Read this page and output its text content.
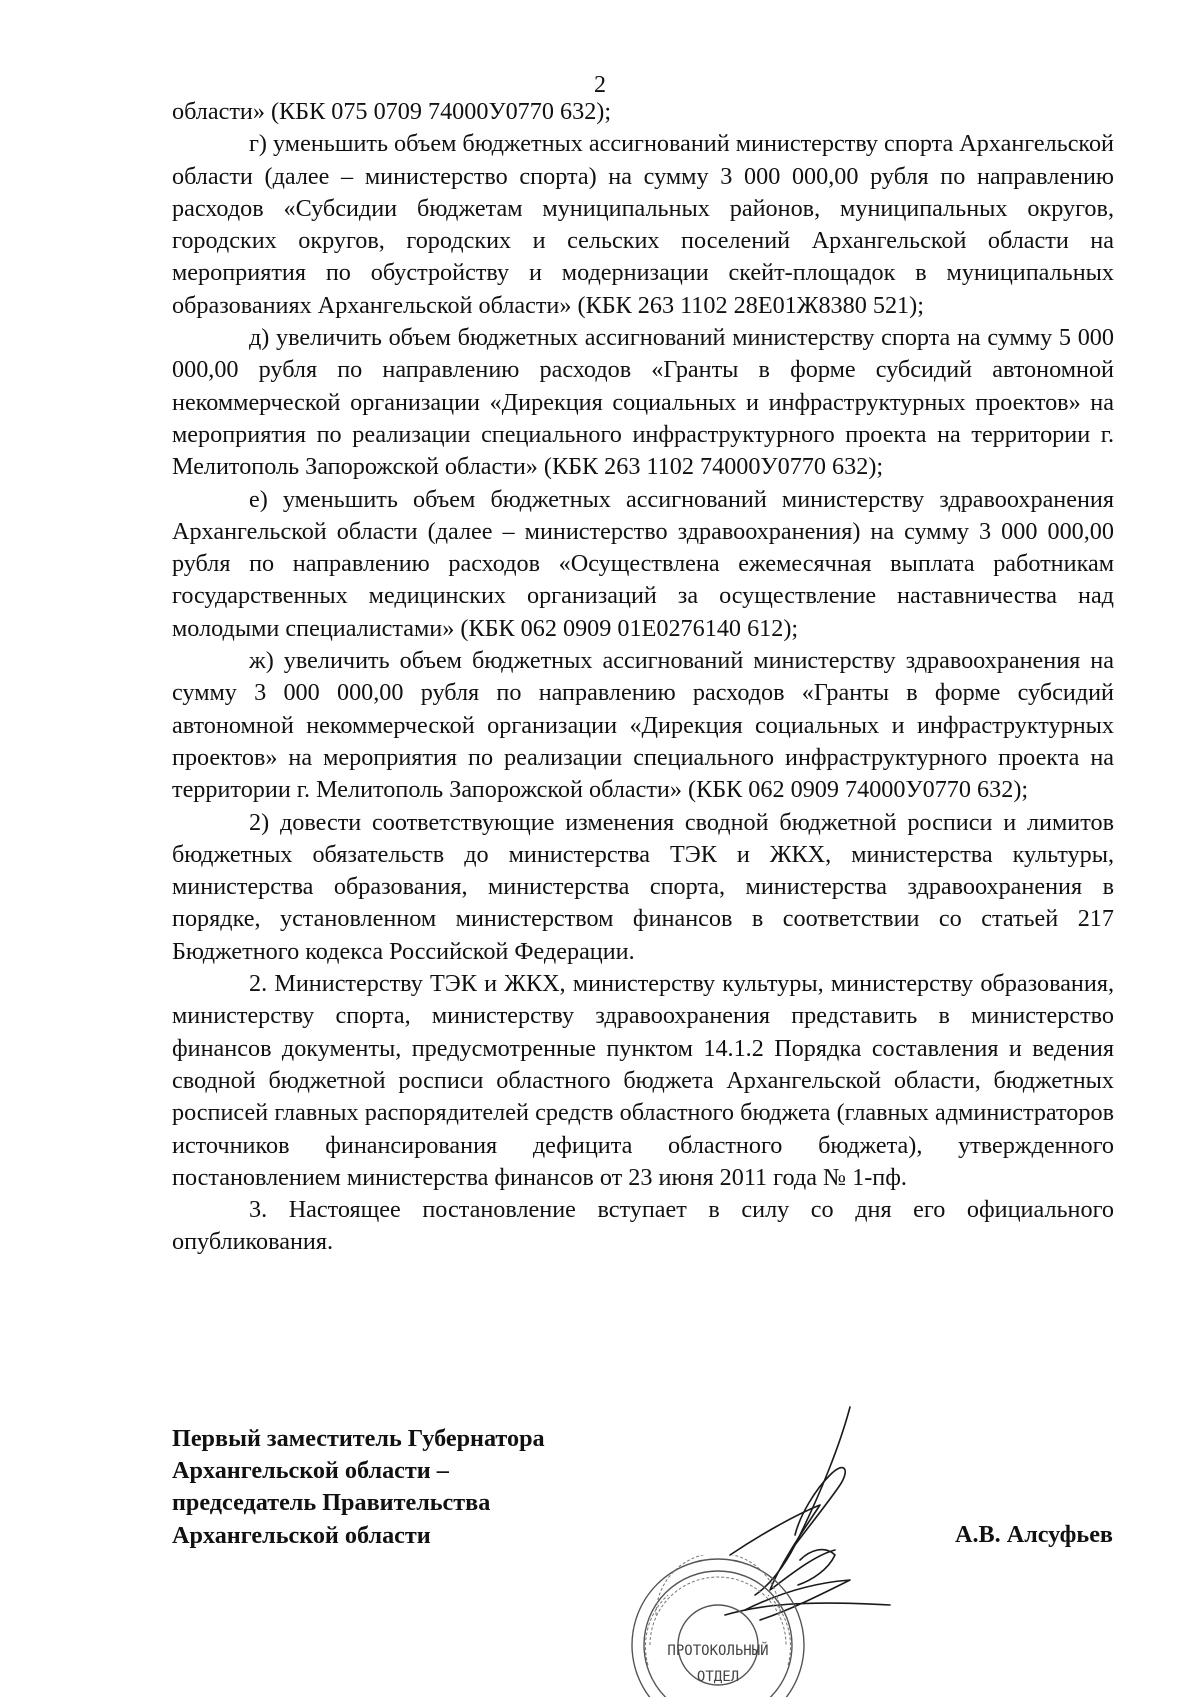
2

области» (КБК 075 0709 74000У0770 632);

г) уменьшить объем бюджетных ассигнований министерству спорта Архангельской области (далее – министерство спорта) на сумму 3 000 000,00 рубля по направлению расходов «Субсидии бюджетам муниципальных районов, муниципальных округов, городских округов, городских и сельских поселений Архангельской области на мероприятия по обустройству и модернизации скейт-площадок в муниципальных образованиях Архангельской области» (КБК 263 1102 28Е01Ж8380 521);

д) увеличить объем бюджетных ассигнований министерству спорта на сумму 5 000 000,00 рубля по направлению расходов «Гранты в форме субсидий автономной некоммерческой организации «Дирекция социальных и инфраструктурных проектов» на мероприятия по реализации специального инфраструктурного проекта на территории г. Мелитополь Запорожской области» (КБК 263 1102 74000У0770 632);

е) уменьшить объем бюджетных ассигнований министерству здравоохранения Архангельской области (далее – министерство здравоохранения) на сумму 3 000 000,00 рубля по направлению расходов «Осуществлена ежемесячная выплата работникам государственных медицинских организаций за осуществление наставничества над молодыми специалистами» (КБК 062 0909 01Е0276140 612);

ж) увеличить объем бюджетных ассигнований министерству здравоохранения на сумму 3 000 000,00 рубля по направлению расходов «Гранты в форме субсидий автономной некоммерческой организации «Дирекция социальных и инфраструктурных проектов» на мероприятия по реализации специального инфраструктурного проекта на территории г. Мелитополь Запорожской области» (КБК 062 0909 74000У0770 632);

2) довести соответствующие изменения сводной бюджетной росписи и лимитов бюджетных обязательств до министерства ТЭК и ЖКХ, министерства культуры, министерства образования, министерства спорта, министерства здравоохранения в порядке, установленном министерством финансов в соответствии со статьей 217 Бюджетного кодекса Российской Федерации.

2. Министерству ТЭК и ЖКХ, министерству культуры, министерству образования, министерству спорта, министерству здравоохранения представить в министерство финансов документы, предусмотренные пунктом 14.1.2 Порядка составления и ведения сводной бюджетной росписи областного бюджета Архангельской области, бюджетных росписей главных распорядителей средств областного бюджета (главных администраторов источников финансирования дефицита областного бюджета), утвержденного постановлением министерства финансов от 23 июня 2011 года № 1-пф.

3. Настоящее постановление вступает в силу со дня его официального опубликования.

Первый заместитель Губернатора
Архангельской области –
председатель Правительства
Архангельской области	А.В. Алсуфьев
ПРОТОКОЛЬНЫЙ
ОТДЕЛ
